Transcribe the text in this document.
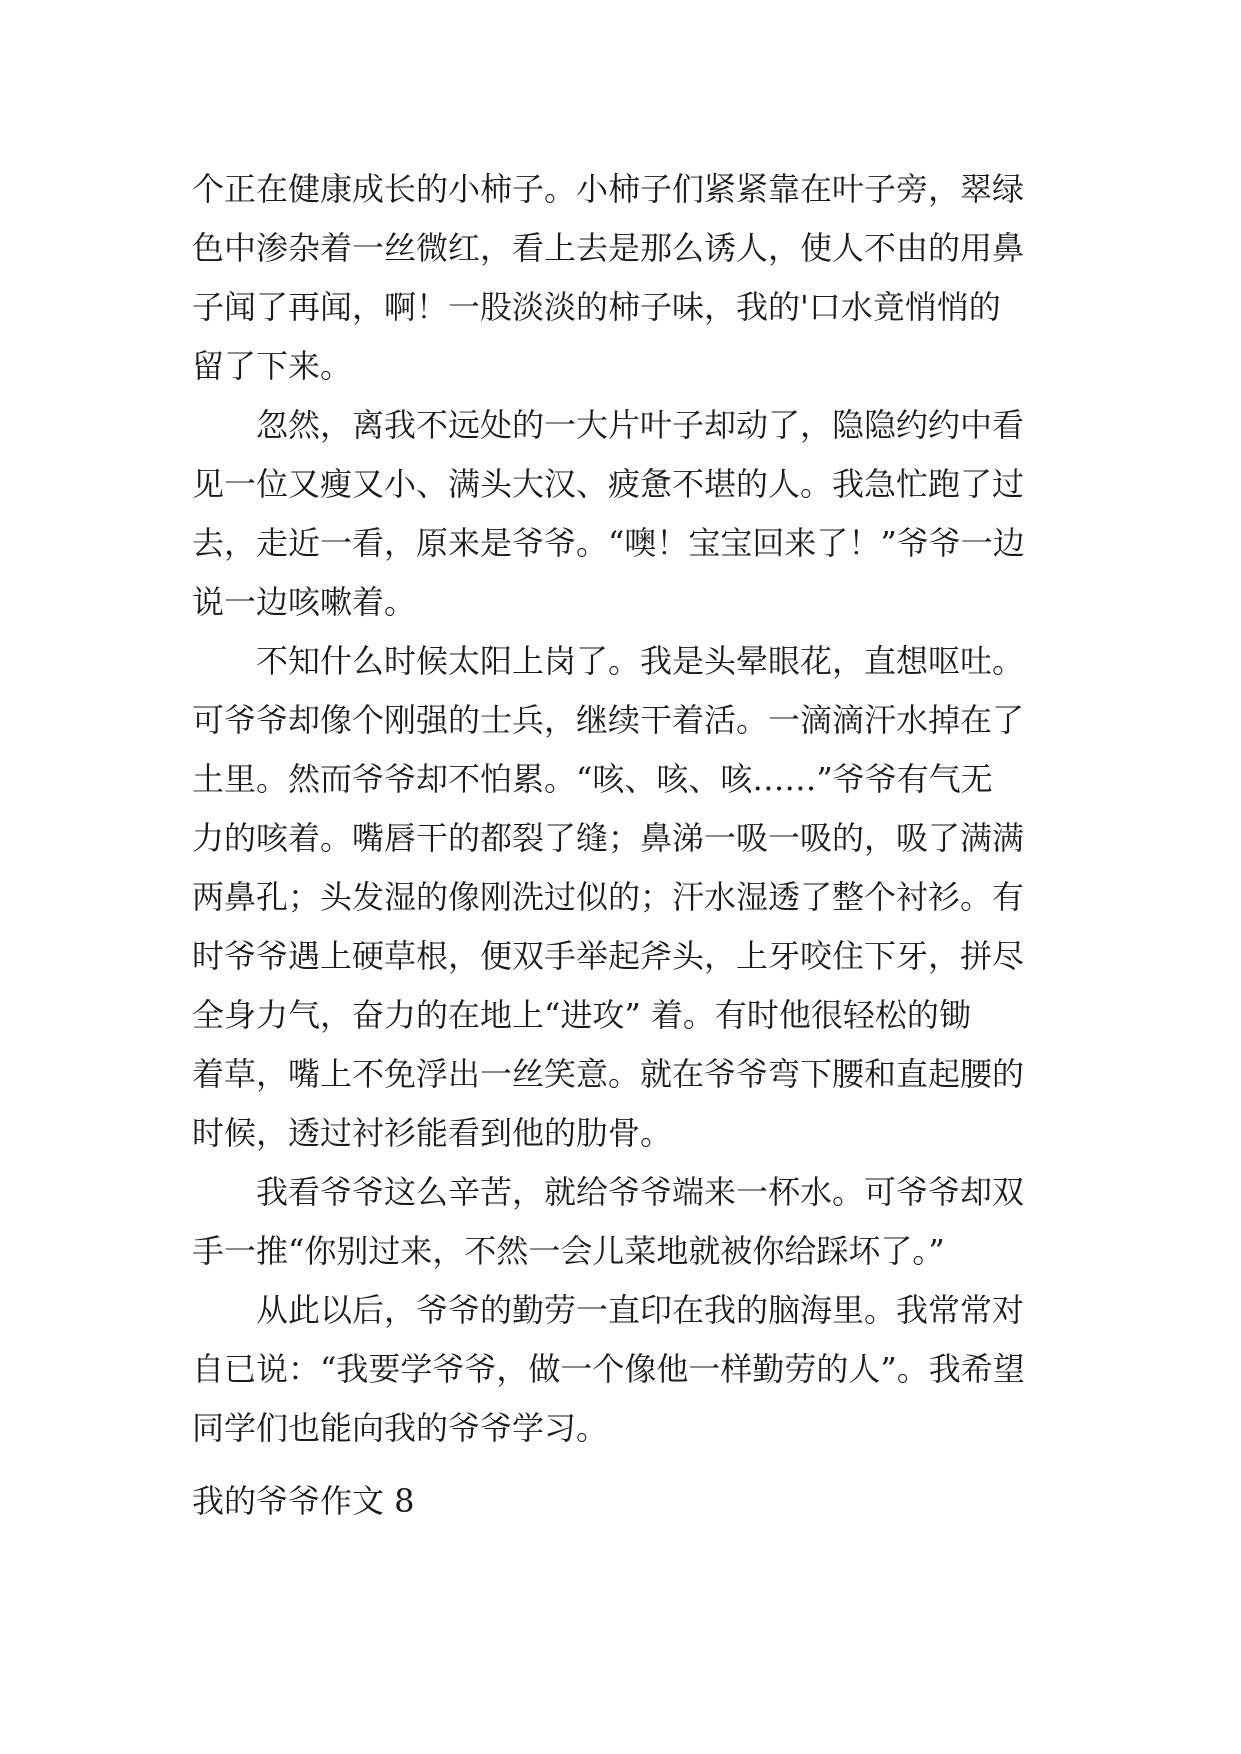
个正在健康成长的小柿子。小柿子们紧紧靠在叶子旁，翠绿
色中渗杂着一丝微红，看上去是那么诱人，使人不由的用鼻
子闻了再闻，啊！一股淡淡的柿子味，我的'口水竟悄悄的
留了下来。
　　忽然，离我不远处的一大片叶子却动了，隐隐约约中看
见一位又瘦又小、满头大汉、疲惫不堪的人。我急忙跑了过
去，走近一看，原来是爷爷。“噢！宝宝回来了！”爷爷一边
说一边咳嗽着。
　　不知什么时候太阳上岗了。我是头晕眼花，直想呕吐。
可爷爷却像个刚强的士兵，继续干着活。一滴滴汗水掉在了
土里。然而爷爷却不怕累。“咳、咳、咳……”爷爷有气无
力的咳着。嘴唇干的都裂了缝；鼻涕一吸一吸的，吸了满满
两鼻孔；头发湿的像刚洗过似的；汗水湿透了整个衬衫。有
时爷爷遇上硬草根，便双手举起斧头，上牙咬住下牙，拼尽
全身力气，奋力的在地上“进攻” 着。有时他很轻松的锄
着草，嘴上不免浮出一丝笑意。就在爷爷弯下腰和直起腰的
时候，透过衬衫能看到他的肋骨。
　　我看爷爷这么辛苦，就给爷爷端来一杯水。可爷爷却双
手一推“你别过来，不然一会儿菜地就被你给踩坏了。”
　　从此以后，爷爷的勤劳一直印在我的脑海里。我常常对
自已说：“我要学爷爷，做一个像他一样勤劳的人”。我希望
同学们也能向我的爷爷学习。
我的爷爷作文 8
